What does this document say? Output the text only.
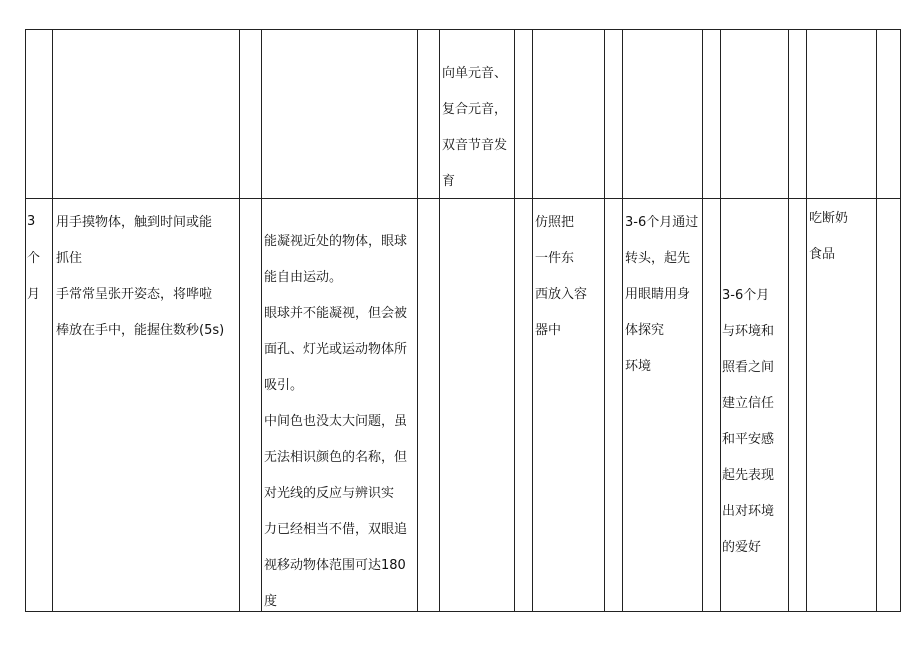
向单元音、
复合元音，
双音节音发
育
3
个
月
用手摸物体，触到时间或能
抓住
手常常呈张开姿态，将哗啦
棒放在手中，能握住数秒(5s)
能凝视近处的物体，眼球
能自由运动。
眼球并不能凝视，但会被
面孔、灯光或运动物体所
吸引。
中间色也没太大问题，虽
无法相识颜色的名称，但
对光线的反应与辨识实
力已经相当不借，双眼追
视移动物体范围可达180
度
仿照把
一件东
西放入容
器中
3-6个月通过
转头，起先
用眼睛用身
体探究
环境
3-6个月
与环境和
照看之间
建立信任
和平安感
起先表现
出对环境
的爱好
吃断奶
食品
